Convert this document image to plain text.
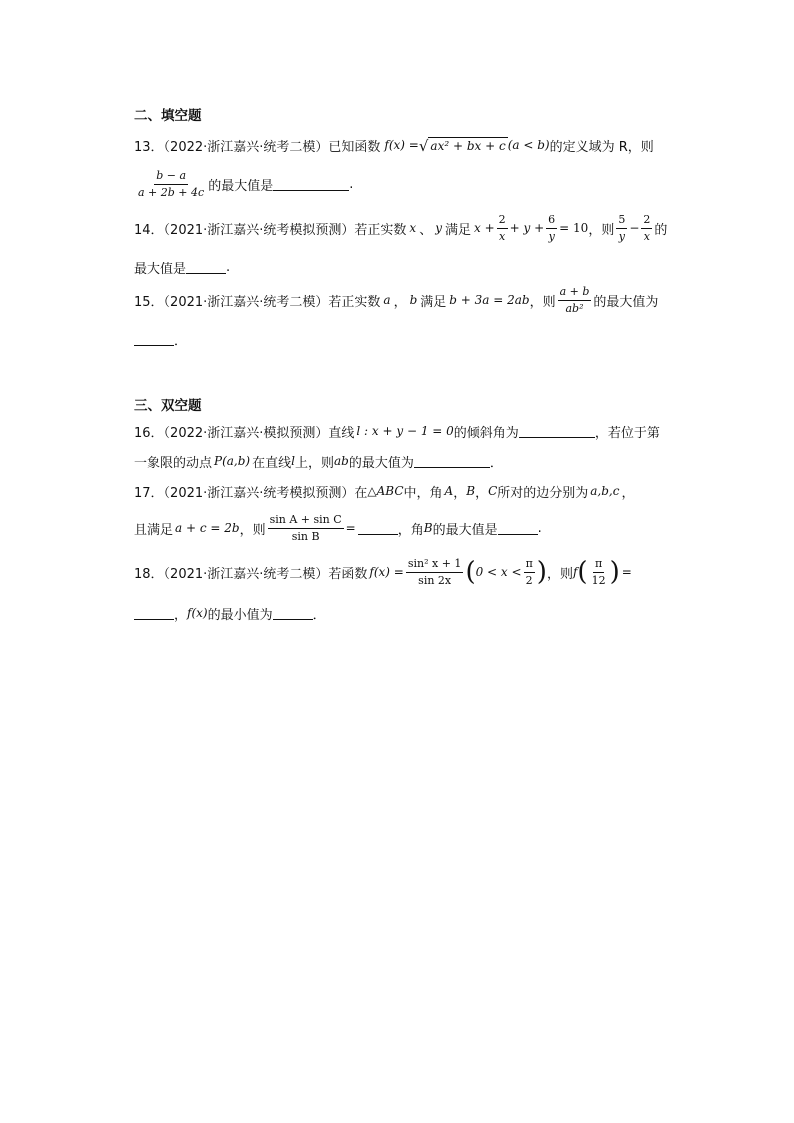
二、填空题
13．（2022·浙江嘉兴·统考二模）已知函数 f(x) = √ ax² + bx + c (a < b) 的定义域为 R，则
$\frac{b - a}{a + 2b + 4c}$ 的最大值是	.
14．（2021·浙江嘉兴·统考模拟预测）若正实数 x 、 y 满足 $x + \frac{2}{x} + y + \frac{6}{y} = 10$ ，则 $\frac{5}{y} - \frac{2}{x}$ 的
最大值是	.
15．（2021·浙江嘉兴·统考二模）若正实数 a ， b 满足 b + 3a = 2ab ，则 $\frac{a + b}{\text{ab²}}$ 的最大值为
．
三、双空题
16．（2022·浙江嘉兴·模拟预测）直线 l : x + y − 1 = 0 的倾斜角为	，若位于第
一象限的动点 P(a,b) 在直线 l 上，则 ab 的最大值为	．
17．（2021·浙江嘉兴·统考模拟预测）在 △ABC 中，角 A ， B ， C 所对的边分别为 a,b,c ，
且满足 a + c = 2b ，则 $\frac{\text{sin A + sin C}}{\text{sin B}}$ =	，角 B 的最大值是	.
18．（2021·浙江嘉兴·统考二模）若函数 $f(x) = \frac{\text{sin² x + 1}}{\sin 2x}$ ( $0 < x < \frac{\pi}{2}$ ) ，则 f ( $\frac{\pi}{12}$ ) =
， f(x) 的最小值为	．
